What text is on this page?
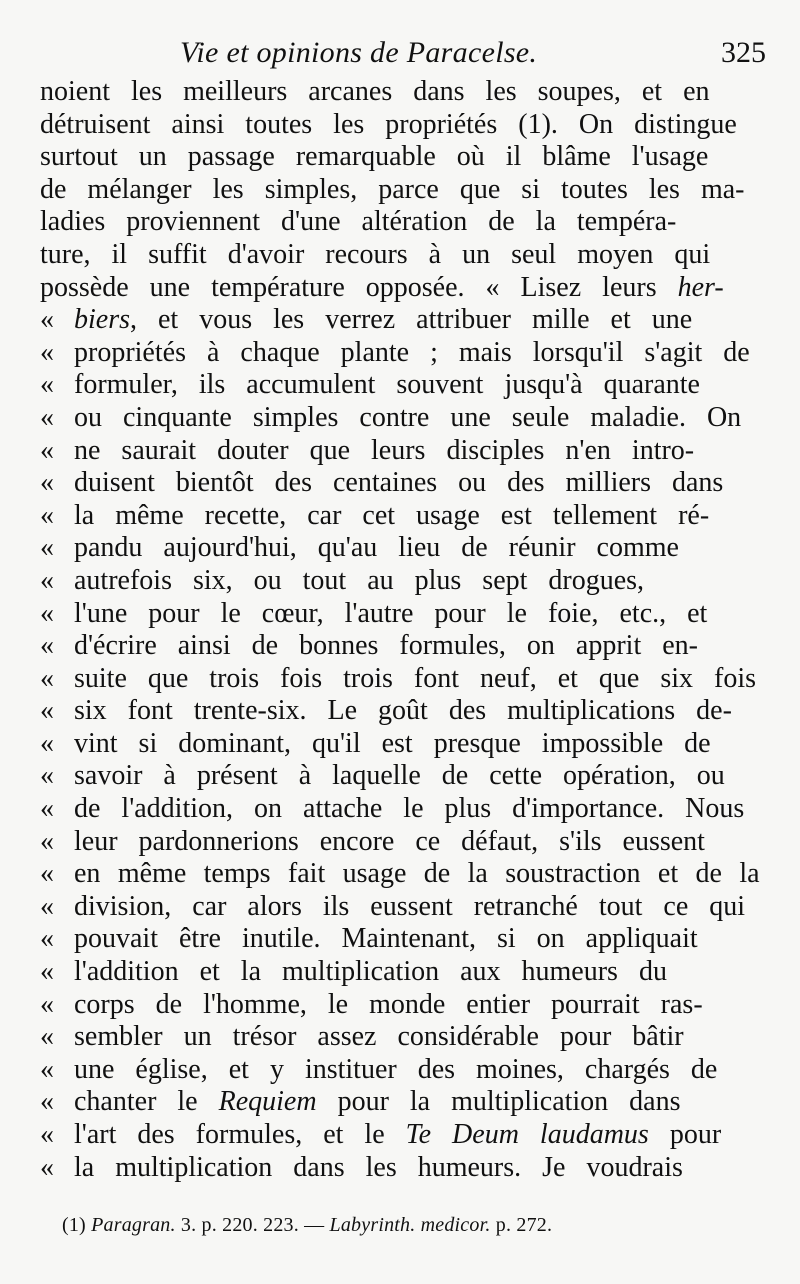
Vie et opinions de Paracelse.	325
noient les meilleurs arcanes dans les soupes, et en
détruisent ainsi toutes les propriétés (1). On distingue
surtout un passage remarquable où il blâme l'usage
de mélanger les simples, parce que si toutes les ma-
ladies proviennent d'une altération de la tempéra-
ture, il suffit d'avoir recours à un seul moyen qui
possède une température opposée. « Lisez leurs her-
« biers, et vous les verrez attribuer mille et une
« propriétés à chaque plante ; mais lorsqu'il s'agit de
« formuler, ils accumulent souvent jusqu'à quarante
« ou cinquante simples contre une seule maladie. On
« ne saurait douter que leurs disciples n'en intro-
« duisent bientôt des centaines ou des milliers dans
« la même recette, car cet usage est tellement ré-
« pandu aujourd'hui, qu'au lieu de réunir comme
« autrefois six, ou tout au plus sept drogues,
« l'une pour le cœur, l'autre pour le foie, etc., et
« d'écrire ainsi de bonnes formules, on apprit en-
« suite que trois fois trois font neuf, et que six fois
« six font trente-six. Le goût des multiplications de-
« vint si dominant, qu'il est presque impossible de
« savoir à présent à laquelle de cette opération, ou
« de l'addition, on attache le plus d'importance. Nous
« leur pardonnerions encore ce défaut, s'ils eussent
« en même temps fait usage de la soustraction et de la
« division, car alors ils eussent retranché tout ce qui
« pouvait être inutile. Maintenant, si on appliquait
« l'addition et la multiplication aux humeurs du
« corps de l'homme, le monde entier pourrait ras-
« sembler un trésor assez considérable pour bâtir
« une église, et y instituer des moines, chargés de
« chanter le Requiem pour la multiplication dans
« l'art des formules, et le Te Deum laudamus pour
« la multiplication dans les humeurs. Je voudrais
(1) Paragran. 3. p. 220. 223. — Labyrinth. medicor. p. 272.
